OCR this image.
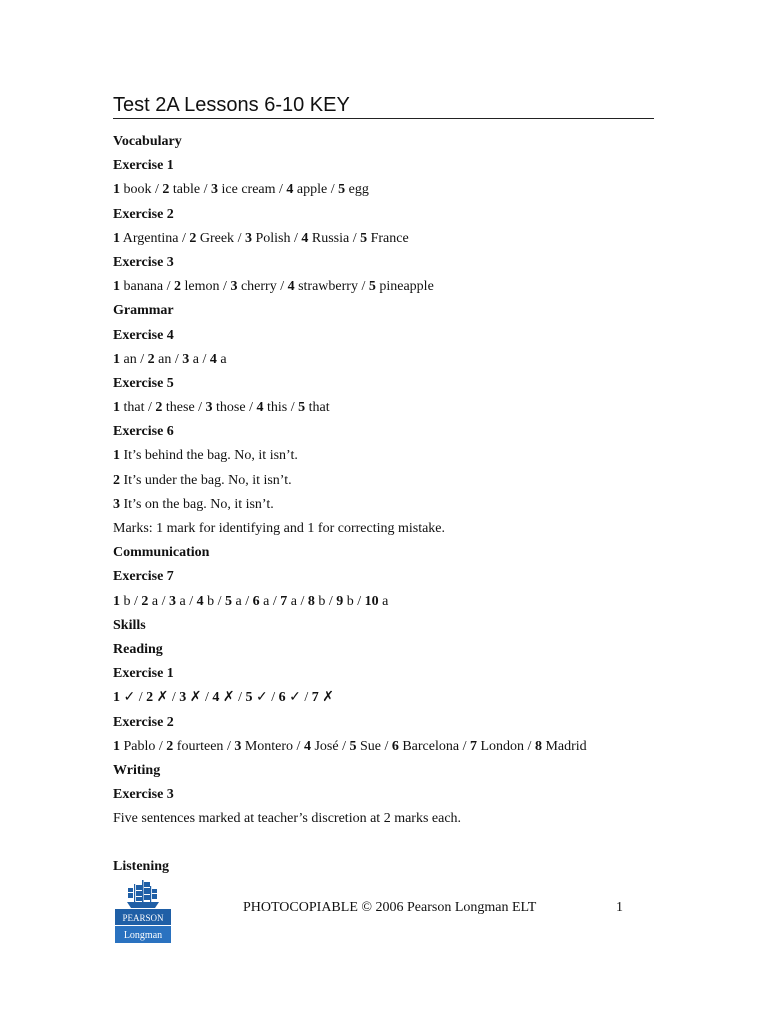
Test 2A Lessons 6-10 KEY
Vocabulary
Exercise 1
1 book / 2 table / 3 ice cream / 4 apple / 5 egg
Exercise 2
1 Argentina / 2 Greek / 3 Polish / 4 Russia / 5 France
Exercise 3
1 banana / 2 lemon / 3 cherry / 4 strawberry / 5 pineapple
Grammar
Exercise 4
1 an / 2 an / 3 a / 4 a
Exercise 5
1 that / 2 these / 3 those / 4 this / 5 that
Exercise 6
1 It’s behind the bag. No, it isn’t.
2 It’s under the bag. No, it isn’t.
3 It’s on the bag. No, it isn’t.
Marks: 1 mark for identifying and 1 for correcting mistake.
Communication
Exercise 7
1 b / 2 a / 3 a / 4 b / 5 a / 6 a / 7 a / 8 b / 9 b / 10 a
Skills
Reading
Exercise 1
1 ✓ / 2 ✗ / 3 ✗ / 4 ✗ / 5 ✓ / 6 ✓ / 7 ✗
Exercise 2
1 Pablo / 2 fourteen / 3 Montero / 4 José / 5 Sue / 6 Barcelona / 7 London / 8 Madrid
Writing
Exercise 3
Five sentences marked at teacher’s discretion at 2 marks each.
Listening
PEARSON
Longman
PHOTOCOPIABLE © 2006 Pearson Longman ELT	1
